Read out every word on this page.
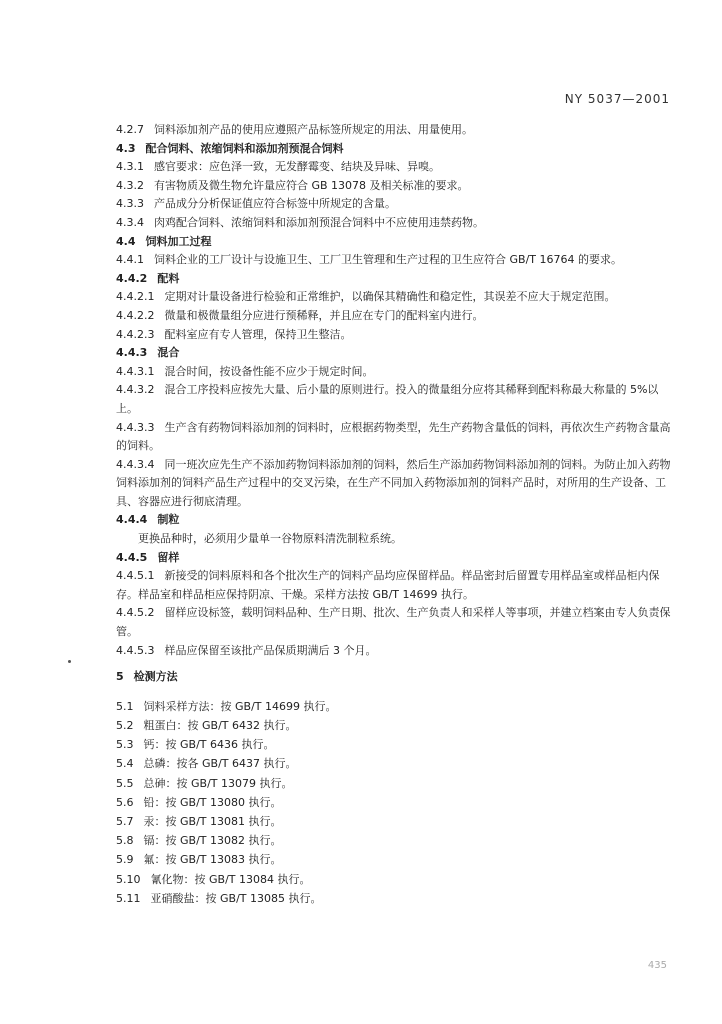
NY 5037—2001
4.2.7 饲料添加剂产品的使用应遵照产品标签所规定的用法、用量使用。
4.3 配合饲料、浓缩饲料和添加剂预混合饲料
4.3.1 感官要求：应色泽一致，无发酵霉变、结块及异味、异嗅。
4.3.2 有害物质及微生物允许量应符合 GB 13078 及相关标准的要求。
4.3.3 产品成分分析保证值应符合标签中所规定的含量。
4.3.4 肉鸡配合饲料、浓缩饲料和添加剂预混合饲料中不应使用违禁药物。
4.4 饲料加工过程
4.4.1 饲料企业的工厂设计与设施卫生、工厂卫生管理和生产过程的卫生应符合 GB/T 16764 的要求。
4.4.2 配料
4.4.2.1 定期对计量设备进行检验和正常维护，以确保其精确性和稳定性，其误差不应大于规定范围。
4.4.2.2 微量和极微量组分应进行预稀释，并且应在专门的配料室内进行。
4.4.2.3 配料室应有专人管理，保持卫生整洁。
4.4.3 混合
4.4.3.1 混合时间，按设备性能不应少于规定时间。
4.4.3.2 混合工序投料应按先大量、后小量的原则进行。投入的微量组分应将其稀释到配料称最大称量的 5%以上。
4.4.3.3 生产含有药物饲料添加剂的饲料时，应根据药物类型，先生产药物含量低的饲料，再依次生产药物含量高的饲料。
4.4.3.4 同一班次应先生产不添加药物饲料添加剂的饲料，然后生产添加药物饲料添加剂的饲料。为防止加入药物饲料添加剂的饲料产品生产过程中的交叉污染，在生产不同加入药物添加剂的饲料产品时，对所用的生产设备、工具、容器应进行彻底清理。
4.4.4 制粒
更换品种时，必须用少量单一谷物原料清洗制粒系统。
4.4.5 留样
4.4.5.1 新接受的饲料原料和各个批次生产的饲料产品均应保留样品。样品密封后留置专用样品室或样品柜内保存。样品室和样品柜应保持阴凉、干燥。采样方法按 GB/T 14699 执行。
4.4.5.2 留样应设标签，载明饲料品种、生产日期、批次、生产负责人和采样人等事项，并建立档案由专人负责保管。
4.4.5.3 样品应保留至该批产品保质期满后 3 个月。
5 检测方法
5.1 饲料采样方法：按 GB/T 14699 执行。
5.2 粗蛋白：按 GB/T 6432 执行。
5.3 钙：按 GB/T 6436 执行。
5.4 总磷：按各 GB/T 6437 执行。
5.5 总砷：按 GB/T 13079 执行。
5.6 铅：按 GB/T 13080 执行。
5.7 汞：按 GB/T 13081 执行。
5.8 镉：按 GB/T 13082 执行。
5.9 氟：按 GB/T 13083 执行。
5.10 氰化物：按 GB/T 13084 执行。
5.11 亚硝酸盐：按 GB/T 13085 执行。
435
